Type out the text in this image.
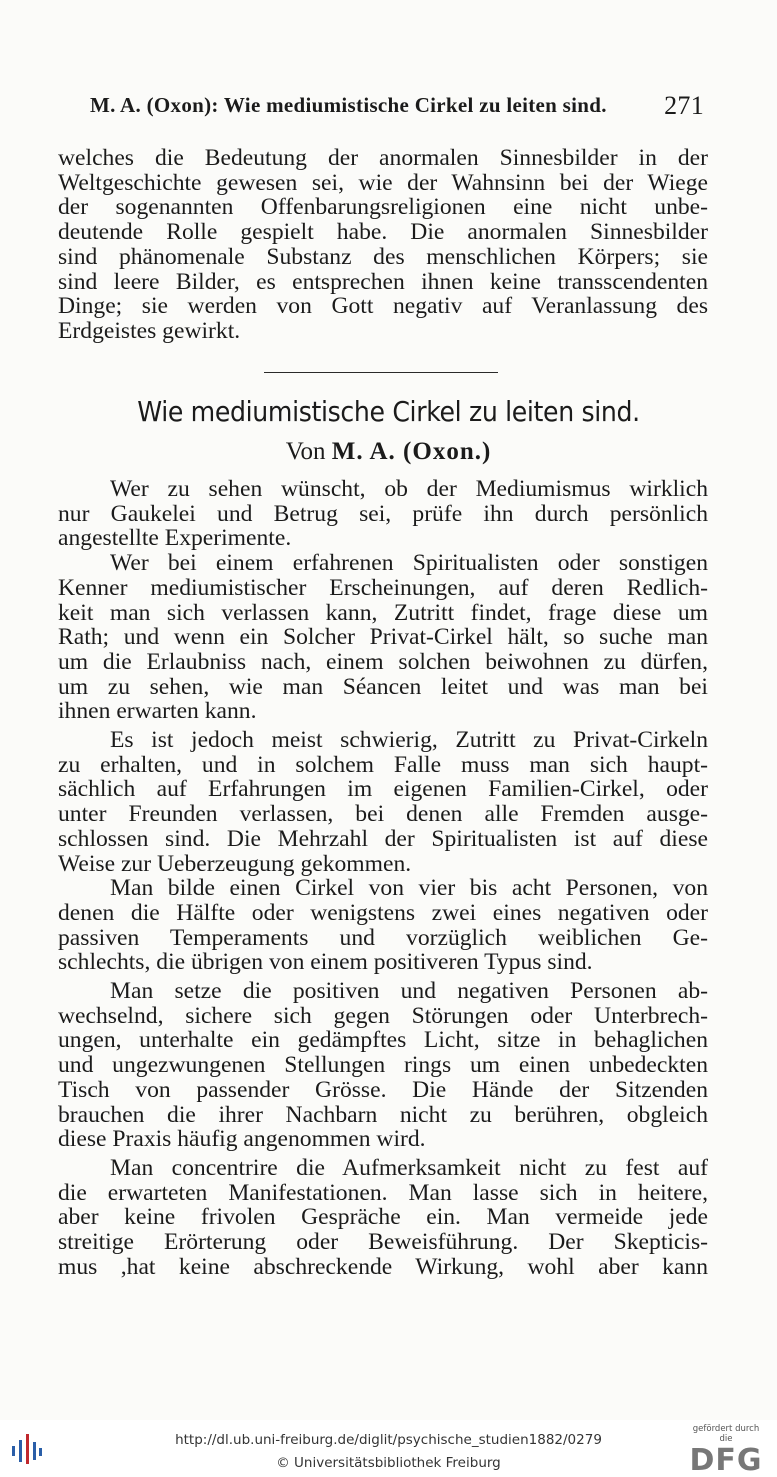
M. A. (Oxon): Wie mediumistische Cirkel zu leiten sind. 271

welches die Bedeutung der anormalen Sinnesbilder in der
Weltgeschichte gewesen sei, wie der Wahnsinn bei der Wiege
der sogenannten Offenbarungsreligionen eine nicht unbe-
deutende Rolle gespielt habe. Die anormalen Sinnesbilder
sind phänomenale Substanz des menschlichen Körpers; sie
sind leere Bilder, es entsprechen ihnen keine transscendenten
Dinge; sie werden von Gott negativ auf Veranlassung des
Erdgeistes gewirkt.

Wie mediumistische Cirkel zu leiten sind.
Von M. A. (Oxon.)

Wer zu sehen wünscht, ob der Mediumismus wirklich
nur Gaukelei und Betrug sei, prüfe ihn durch persönlich
angestellte Experimente.

Wer bei einem erfahrenen Spiritualisten oder sonstigen
Kenner mediumistischer Erscheinungen, auf deren Redlich-
keit man sich verlassen kann, Zutritt findet, frage diese um
Rath; und wenn ein Solcher Privat-Cirkel hält, so suche man
um die Erlaubniss nach, einem solchen beiwohnen zu dürfen,
um zu sehen, wie man Séancen leitet und was man bei
ihnen erwarten kann.

Es ist jedoch meist schwierig, Zutritt zu Privat-Cirkeln
zu erhalten, und in solchem Falle muss man sich haupt-
sächlich auf Erfahrungen im eigenen Familien-Cirkel, oder
unter Freunden verlassen, bei denen alle Fremden ausge-
schlossen sind. Die Mehrzahl der Spiritualisten ist auf diese
Weise zur Ueberzeugung gekommen.

Man bilde einen Cirkel von vier bis acht Personen, von
denen die Hälfte oder wenigstens zwei eines negativen oder
passiven Temperaments und vorzüglich weiblichen Ge-
schlechts, die übrigen von einem positiveren Typus sind.

Man setze die positiven und negativen Personen ab-
wechselnd, sichere sich gegen Störungen oder Unterbrech-
ungen, unterhalte ein gedämpftes Licht, sitze in behaglichen
und ungezwungenen Stellungen rings um einen unbedeckten
Tisch von passender Grösse. Die Hände der Sitzenden
brauchen die ihrer Nachbarn nicht zu berühren, obgleich
diese Praxis häufig angenommen wird.

Man concentrire die Aufmerksamkeit nicht zu fest auf
die erwarteten Manifestationen. Man lasse sich in heitere,
aber keine frivolen Gespräche ein. Man vermeide jede
streitige Erörterung oder Beweisführung. Der Skepticis-
mus ,hat keine abschreckende Wirkung, wohl aber kann

http://dl.ub.uni-freiburg.de/diglit/psychische_studien1882/0279
© Universitätsbibliothek Freiburg
gefördert durch die
DFG
